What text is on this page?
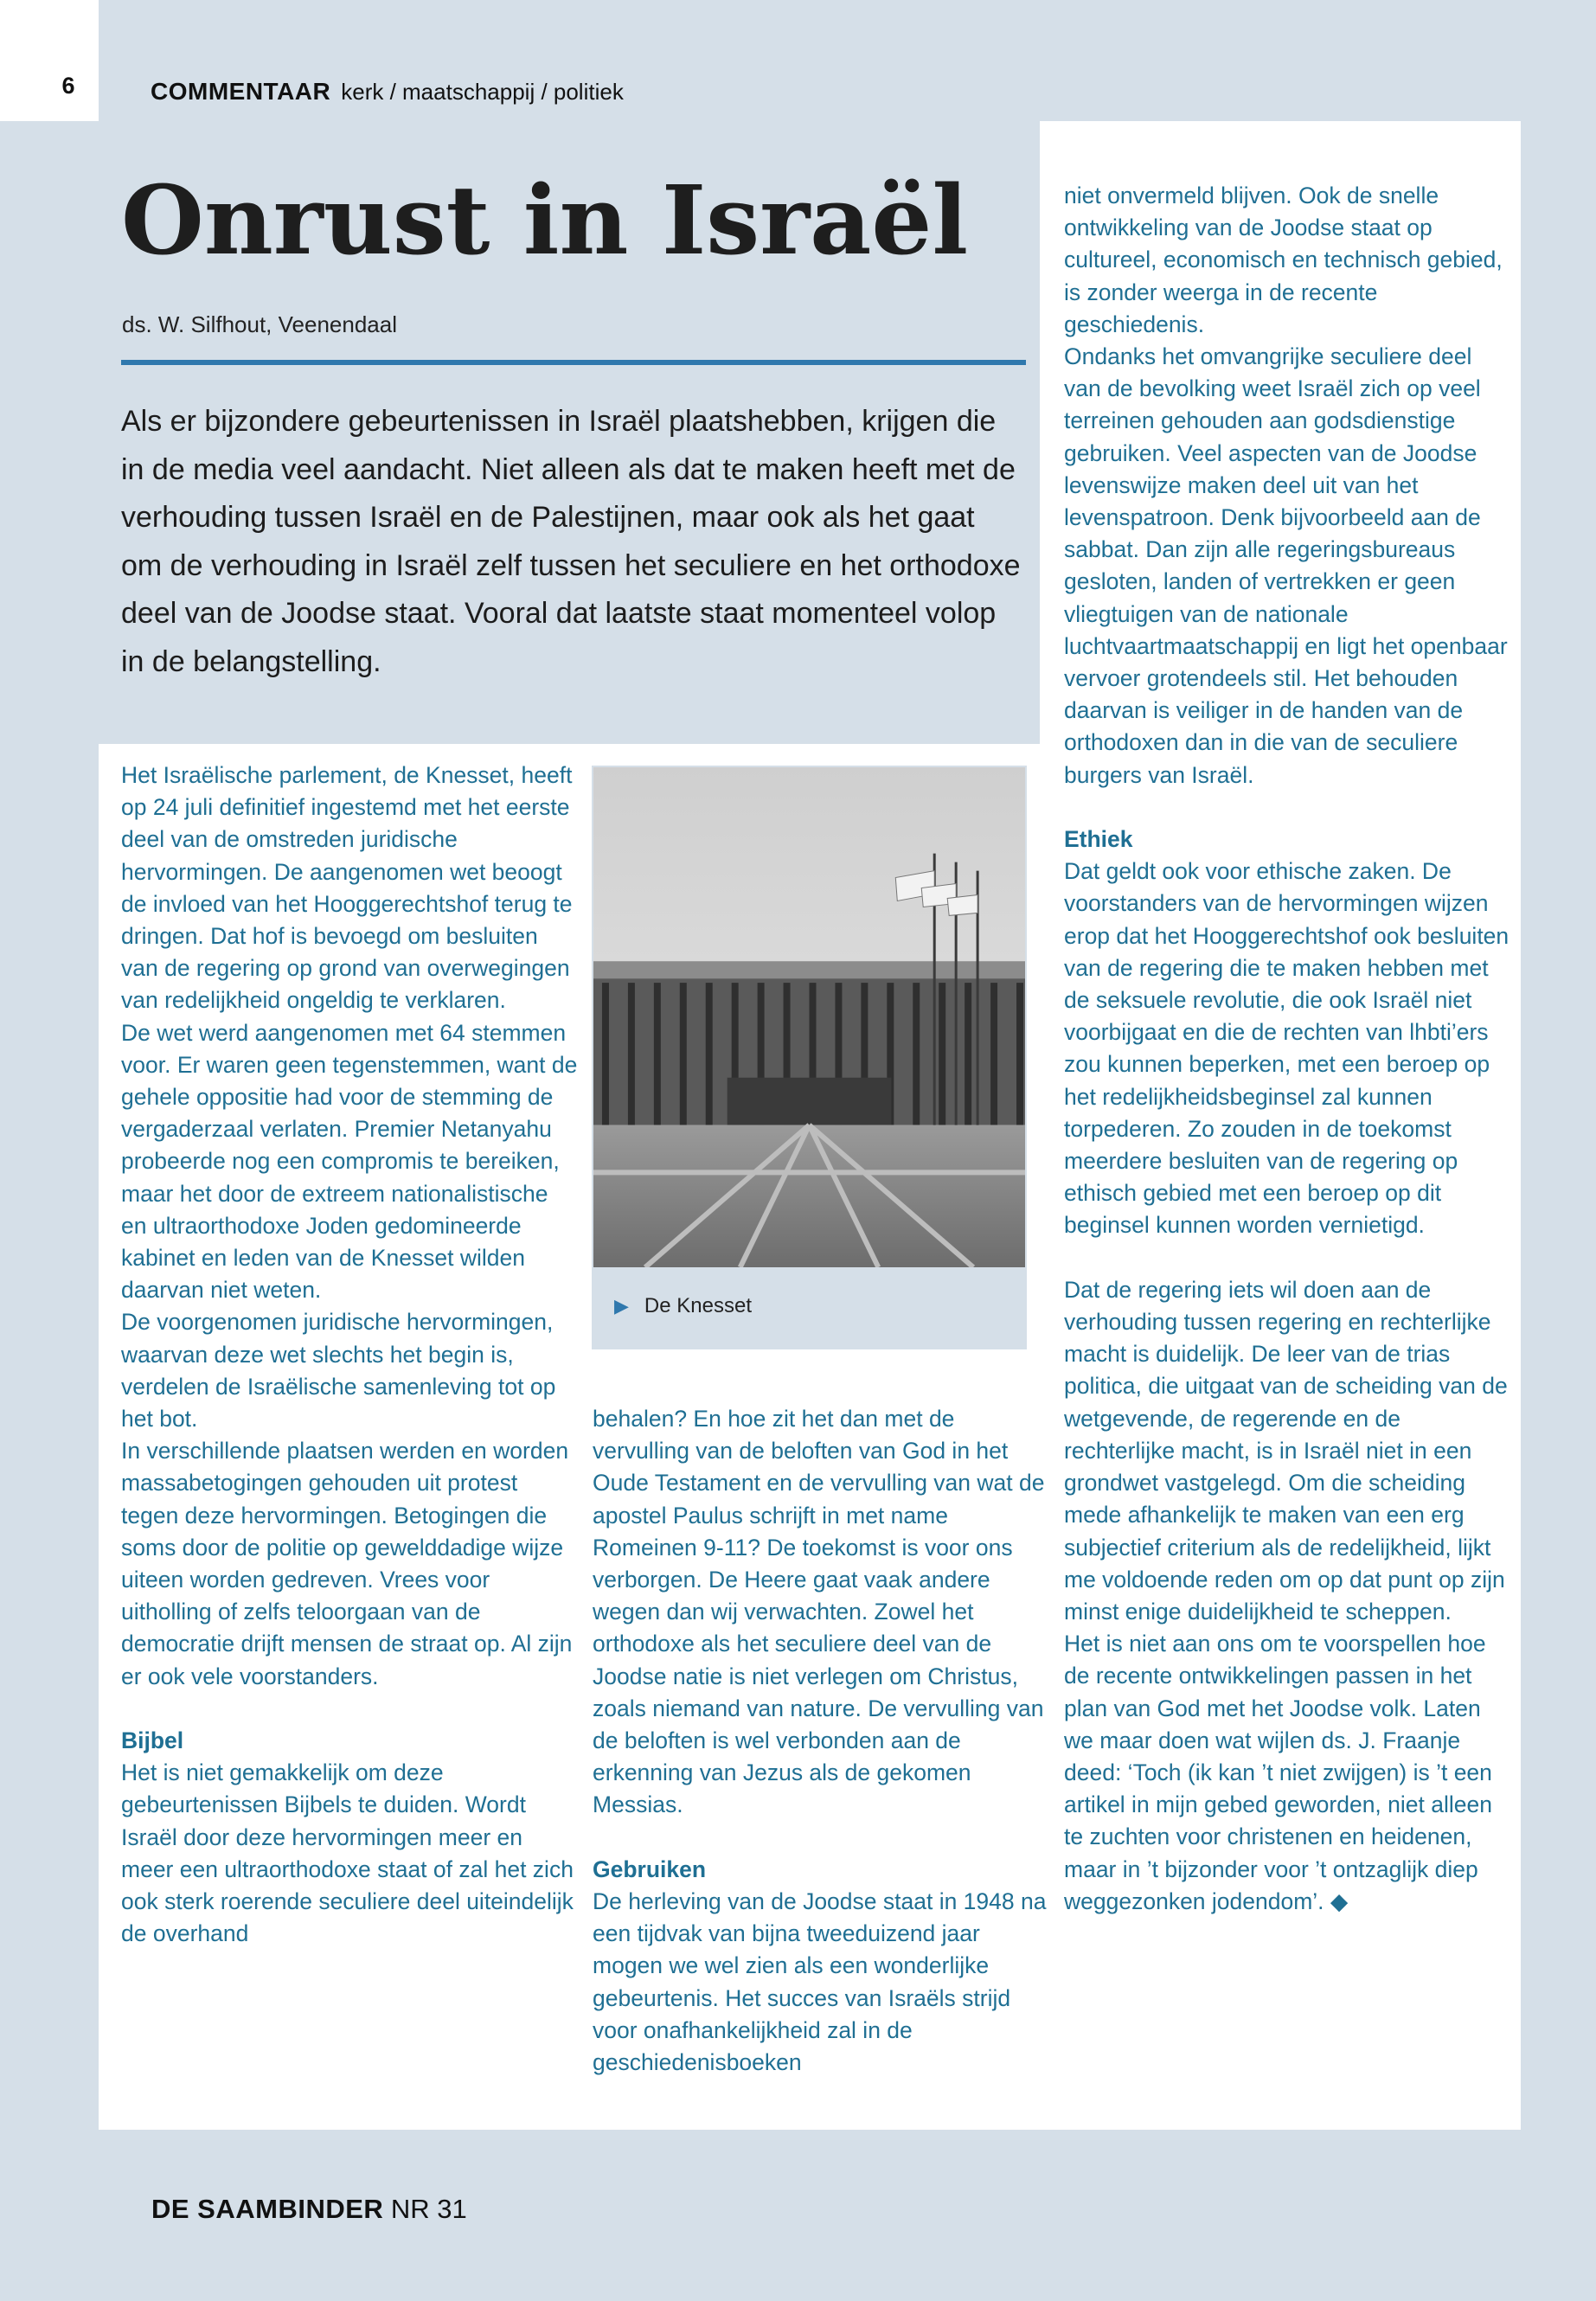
6	COMMENTAAR kerk / maatschappij / politiek
Onrust in Israël
ds. W. Silfhout, Veenendaal

Als er bijzondere gebeurtenissen in Israël plaatshebben, krijgen die in de media veel aandacht. Niet alleen als dat te maken heeft met de verhouding tussen Israël en de Palestijnen, maar ook als het gaat om de verhouding in Israël zelf tussen het seculiere en het orthodoxe deel van de Joodse staat. Vooral dat laatste staat momenteel volop in de belangstelling.

▶ De Knesset

Het Israëlische parlement, de Knesset, heeft op 24 juli definitief ingestemd met het eerste deel van de omstreden juridische hervormingen. De aangenomen wet beoogt de invloed van het Hooggerechtshof terug te dringen. Dat hof is bevoegd om besluiten van de regering op grond van overwegingen van redelijkheid ongeldig te verklaren.

De wet werd aangenomen met 64 stemmen voor. Er waren geen tegenstemmen, want de gehele oppositie had voor de stemming de vergaderzaal verlaten. Premier Netanyahu probeerde nog een compromis te bereiken, maar het door de extreem nationalistische en ultraorthodoxe Joden gedomineerde kabinet en leden van de Knesset wilden daarvan niet weten.

De voorgenomen juridische hervormingen, waarvan deze wet slechts het begin is, verdelen de Israëlische samenleving tot op het bot.

In verschillende plaatsen werden en worden massabetogingen gehouden uit protest tegen deze hervormingen. Betogingen die soms door de politie op gewelddadige wijze uiteen worden gedreven. Vrees voor uitholling of zelfs teloorgaan van de democratie drijft mensen de straat op. Al zijn er ook vele voorstanders.

Bijbel

Het is niet gemakkelijk om deze gebeurtenissen Bijbels te duiden. Wordt Israël door deze hervormingen meer en meer een ultraorthodoxe staat of zal het zich ook sterk roerende seculiere deel uiteindelijk de overhand

behalen? En hoe zit het dan met de vervulling van de beloften van God in het Oude Testament en de vervulling van wat de apostel Paulus schrijft in met name Romeinen 9-11? De toekomst is voor ons verborgen. De Heere gaat vaak andere wegen dan wij verwachten. Zowel het orthodoxe als het seculiere deel van de Joodse natie is niet verlegen om Christus, zoals niemand van nature. De vervulling van de beloften is wel verbonden aan de erkenning van Jezus als de gekomen Messias.

Gebruiken

De herleving van de Joodse staat in 1948 na een tijdvak van bijna tweeduizend jaar mogen we wel zien als een wonderlijke gebeurtenis. Het succes van Israëls strijd voor onafhankelijkheid zal in de geschiedenisboeken

niet onvermeld blijven. Ook de snelle ontwikkeling van de Joodse staat op cultureel, economisch en technisch gebied, is zonder weerga in de recente geschiedenis.

Ondanks het omvangrijke seculiere deel van de bevolking weet Israël zich op veel terreinen gehouden aan godsdienstige gebruiken. Veel aspecten van de Joodse levenswijze maken deel uit van het levenspatroon. Denk bijvoorbeeld aan de sabbat. Dan zijn alle regeringsbureaus gesloten, landen of vertrekken er geen vliegtuigen van de nationale luchtvaartmaatschappij en ligt het openbaar vervoer grotendeels stil. Het behouden daarvan is veiliger in de handen van de orthodoxen dan in die van de seculiere burgers van Israël.

Ethiek

Dat geldt ook voor ethische zaken. De voorstanders van de hervormingen wijzen erop dat het Hooggerechtshof ook besluiten van de regering die te maken hebben met de seksuele revolutie, die ook Israël niet voorbijgaat en die de rechten van lhbti’ers zou kunnen beperken, met een beroep op het redelijkheidsbeginsel zal kunnen torpederen. Zo zouden in de toekomst meerdere besluiten van de regering op ethisch gebied met een beroep op dit beginsel kunnen worden vernietigd.

Dat de regering iets wil doen aan de verhouding tussen regering en rechterlijke macht is duidelijk. De leer van de trias politica, die uitgaat van de scheiding van de wetgevende, de regerende en de rechterlijke macht, is in Israël niet in een grondwet vastgelegd. Om die scheiding mede afhankelijk te maken van een erg subjectief criterium als de redelijkheid, lijkt me voldoende reden om op dat punt op zijn minst enige duidelijkheid te scheppen.

Het is niet aan ons om te voorspellen hoe de recente ontwikkelingen passen in het plan van God met het Joodse volk. Laten we maar doen wat wijlen ds. J. Fraanje deed: ‘Toch (ik kan ’t niet zwijgen) is ’t een artikel in mijn gebed geworden, niet alleen te zuchten voor christenen en heidenen, maar in ’t bijzonder voor ’t ontzaglijk diep weggezonken jodendom’. ◆

DE SAAMBINDER NR 31
